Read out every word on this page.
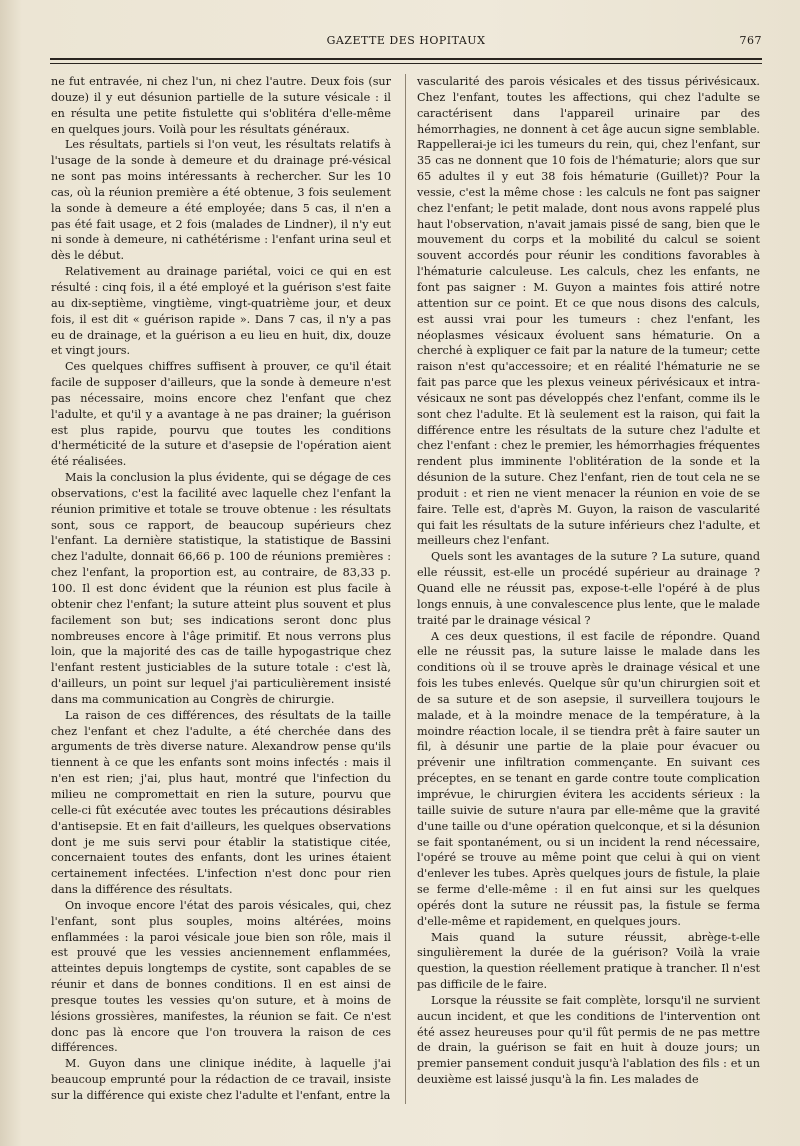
GAZETTE DES HOPITAUX	767

ne fut entravée, ni chez l'un, ni chez l'autre. Deux fois (sur douze) il y eut désunion partielle de la suture vésicale : il en résulta une petite fistulette qui s'oblitéra d'elle-même en quelques jours. Voilà pour les résultats généraux.

Les résultats, partiels si l'on veut, les résultats relatifs à l'usage de la sonde à demeure et du drainage pré-vésical ne sont pas moins intéressants à rechercher. Sur les 10 cas, où la réunion première a été obtenue, 3 fois seulement la sonde à demeure a été employée; dans 5 cas, il n'en a pas été fait usage, et 2 fois (malades de Lindner), il n'y eut ni sonde à demeure, ni cathétérisme : l'enfant urina seul et dès le début.

Relativement au drainage pariétal, voici ce qui en est résulté : cinq fois, il a été employé et la guérison s'est faite au dix-septième, vingtième, vingt-quatrième jour, et deux fois, il est dit « guérison rapide ». Dans 7 cas, il n'y a pas eu de drainage, et la guérison a eu lieu en huit, dix, douze et vingt jours.

Ces quelques chiffres suffisent à prouver, ce qu'il était facile de supposer d'ailleurs, que la sonde à demeure n'est pas nécessaire, moins encore chez l'enfant que chez l'adulte, et qu'il y a avantage à ne pas drainer; la guérison est plus rapide, pourvu que toutes les conditions d'herméticité de la suture et d'asepsie de l'opération aient été réalisées.

Mais la conclusion la plus évidente, qui se dégage de ces observations, c'est la facilité avec laquelle chez l'enfant la réunion primitive et totale se trouve obtenue : les résultats sont, sous ce rapport, de beaucoup supérieurs chez l'enfant. La dernière statistique, la statistique de Bassini chez l'adulte, donnait 66,66 p. 100 de réunions premières : chez l'enfant, la proportion est, au contraire, de 83,33 p. 100. Il est donc évident que la réunion est plus facile à obtenir chez l'enfant; la suture atteint plus souvent et plus facilement son but; ses indications seront donc plus nombreuses encore à l'âge primitif. Et nous verrons plus loin, que la majorité des cas de taille hypogastrique chez l'enfant restent justiciables de la suture totale : c'est là, d'ailleurs, un point sur lequel j'ai particulièrement insisté dans ma communication au Congrès de chirurgie.

La raison de ces différences, des résultats de la taille chez l'enfant et chez l'adulte, a été cherchée dans des arguments de très diverse nature. Alexandrow pense qu'ils tiennent à ce que les enfants sont moins infectés : mais il n'en est rien; j'ai, plus haut, montré que l'infection du milieu ne compromettait en rien la suture, pourvu que celle-ci fût exécutée avec toutes les précautions désirables d'antisepsie. Et en fait d'ailleurs, les quelques observations dont je me suis servi pour établir la statistique citée, concernaient toutes des enfants, dont les urines étaient certainement infectées. L'infection n'est donc pour rien dans la différence des résultats.

On invoque encore l'état des parois vésicales, qui, chez l'enfant, sont plus souples, moins altérées, moins enflammées : la paroi vésicale joue bien son rôle, mais il est prouvé que les vessies anciennement enflammées, atteintes depuis longtemps de cystite, sont capables de se réunir et dans de bonnes conditions. Il en est ainsi de presque toutes les vessies qu'on suture, et à moins de lésions grossières, manifestes, la réunion se fait. Ce n'est donc pas là encore que l'on trouvera la raison de ces différences.

M. Guyon dans une clinique inédite, à laquelle j'ai beaucoup emprunté pour la rédaction de ce travail, insiste sur la différence qui existe chez l'adulte et l'enfant, entre la

vascularité des parois vésicales et des tissus périvésicaux. Chez l'enfant, toutes les affections, qui chez l'adulte se caractérisent dans l'appareil urinaire par des hémorrhagies, ne donnent à cet âge aucun signe semblable. Rappellerai-je ici les tumeurs du rein, qui, chez l'enfant, sur 35 cas ne donnent que 10 fois de l'hématurie; alors que sur 65 adultes il y eut 38 fois hématurie (Guillet)? Pour la vessie, c'est la même chose : les calculs ne font pas saigner chez l'enfant; le petit malade, dont nous avons rappelé plus haut l'observation, n'avait jamais pissé de sang, bien que le mouvement du corps et la mobilité du calcul se soient souvent accordés pour réunir les conditions favorables à l'hématurie calculeuse. Les calculs, chez les enfants, ne font pas saigner : M. Guyon a maintes fois attiré notre attention sur ce point. Et ce que nous disons des calculs, est aussi vrai pour les tumeurs : chez l'enfant, les néoplasmes vésicaux évoluent sans hématurie. On a cherché à expliquer ce fait par la nature de la tumeur; cette raison n'est qu'accessoire; et en réalité l'hématurie ne se fait pas parce que les plexus veineux périvésicaux et intra-vésicaux ne sont pas développés chez l'enfant, comme ils le sont chez l'adulte. Et là seulement est la raison, qui fait la différence entre les résultats de la suture chez l'adulte et chez l'enfant : chez le premier, les hémorrhagies fréquentes rendent plus imminente l'oblitération de la sonde et la désunion de la suture. Chez l'enfant, rien de tout cela ne se produit : et rien ne vient menacer la réunion en voie de se faire. Telle est, d'après M. Guyon, la raison de vascularité qui fait les résultats de la suture inférieurs chez l'adulte, et meilleurs chez l'enfant.

Quels sont les avantages de la suture ? La suture, quand elle réussit, est-elle un procédé supérieur au drainage ? Quand elle ne réussit pas, expose-t-elle l'opéré à de plus longs ennuis, à une convalescence plus lente, que le malade traité par le drainage vésical ?

A ces deux questions, il est facile de répondre. Quand elle ne réussit pas, la suture laisse le malade dans les conditions où il se trouve après le drainage vésical et une fois les tubes enlevés. Quelque sûr qu'un chirurgien soit et de sa suture et de son asepsie, il surveillera toujours le malade, et à la moindre menace de la température, à la moindre réaction locale, il se tiendra prêt à faire sauter un fil, à désunir une partie de la plaie pour évacuer ou prévenir une infiltration commençante. En suivant ces préceptes, en se tenant en garde contre toute complication imprévue, le chirurgien évitera les accidents sérieux : la taille suivie de suture n'aura par elle-même que la gravité d'une taille ou d'une opération quelconque, et si la désunion se fait spontanément, ou si un incident la rend nécessaire, l'opéré se trouve au même point que celui à qui on vient d'enlever les tubes. Après quelques jours de fistule, la plaie se ferme d'elle-même : il en fut ainsi sur les quelques opérés dont la suture ne réussit pas, la fistule se ferma d'elle-même et rapidement, en quelques jours.

Mais quand la suture réussit, abrège-t-elle singulièrement la durée de la guérison? Voilà la vraie question, la question réellement pratique à trancher. Il n'est pas difficile de le faire.

Lorsque la réussite se fait complète, lorsqu'il ne survient aucun incident, et que les conditions de l'intervention ont été assez heureuses pour qu'il fût permis de ne pas mettre de drain, la guérison se fait en huit à douze jours; un premier pansement conduit jusqu'à l'ablation des fils : et un deuxième est laissé jusqu'à la fin. Les malades de
